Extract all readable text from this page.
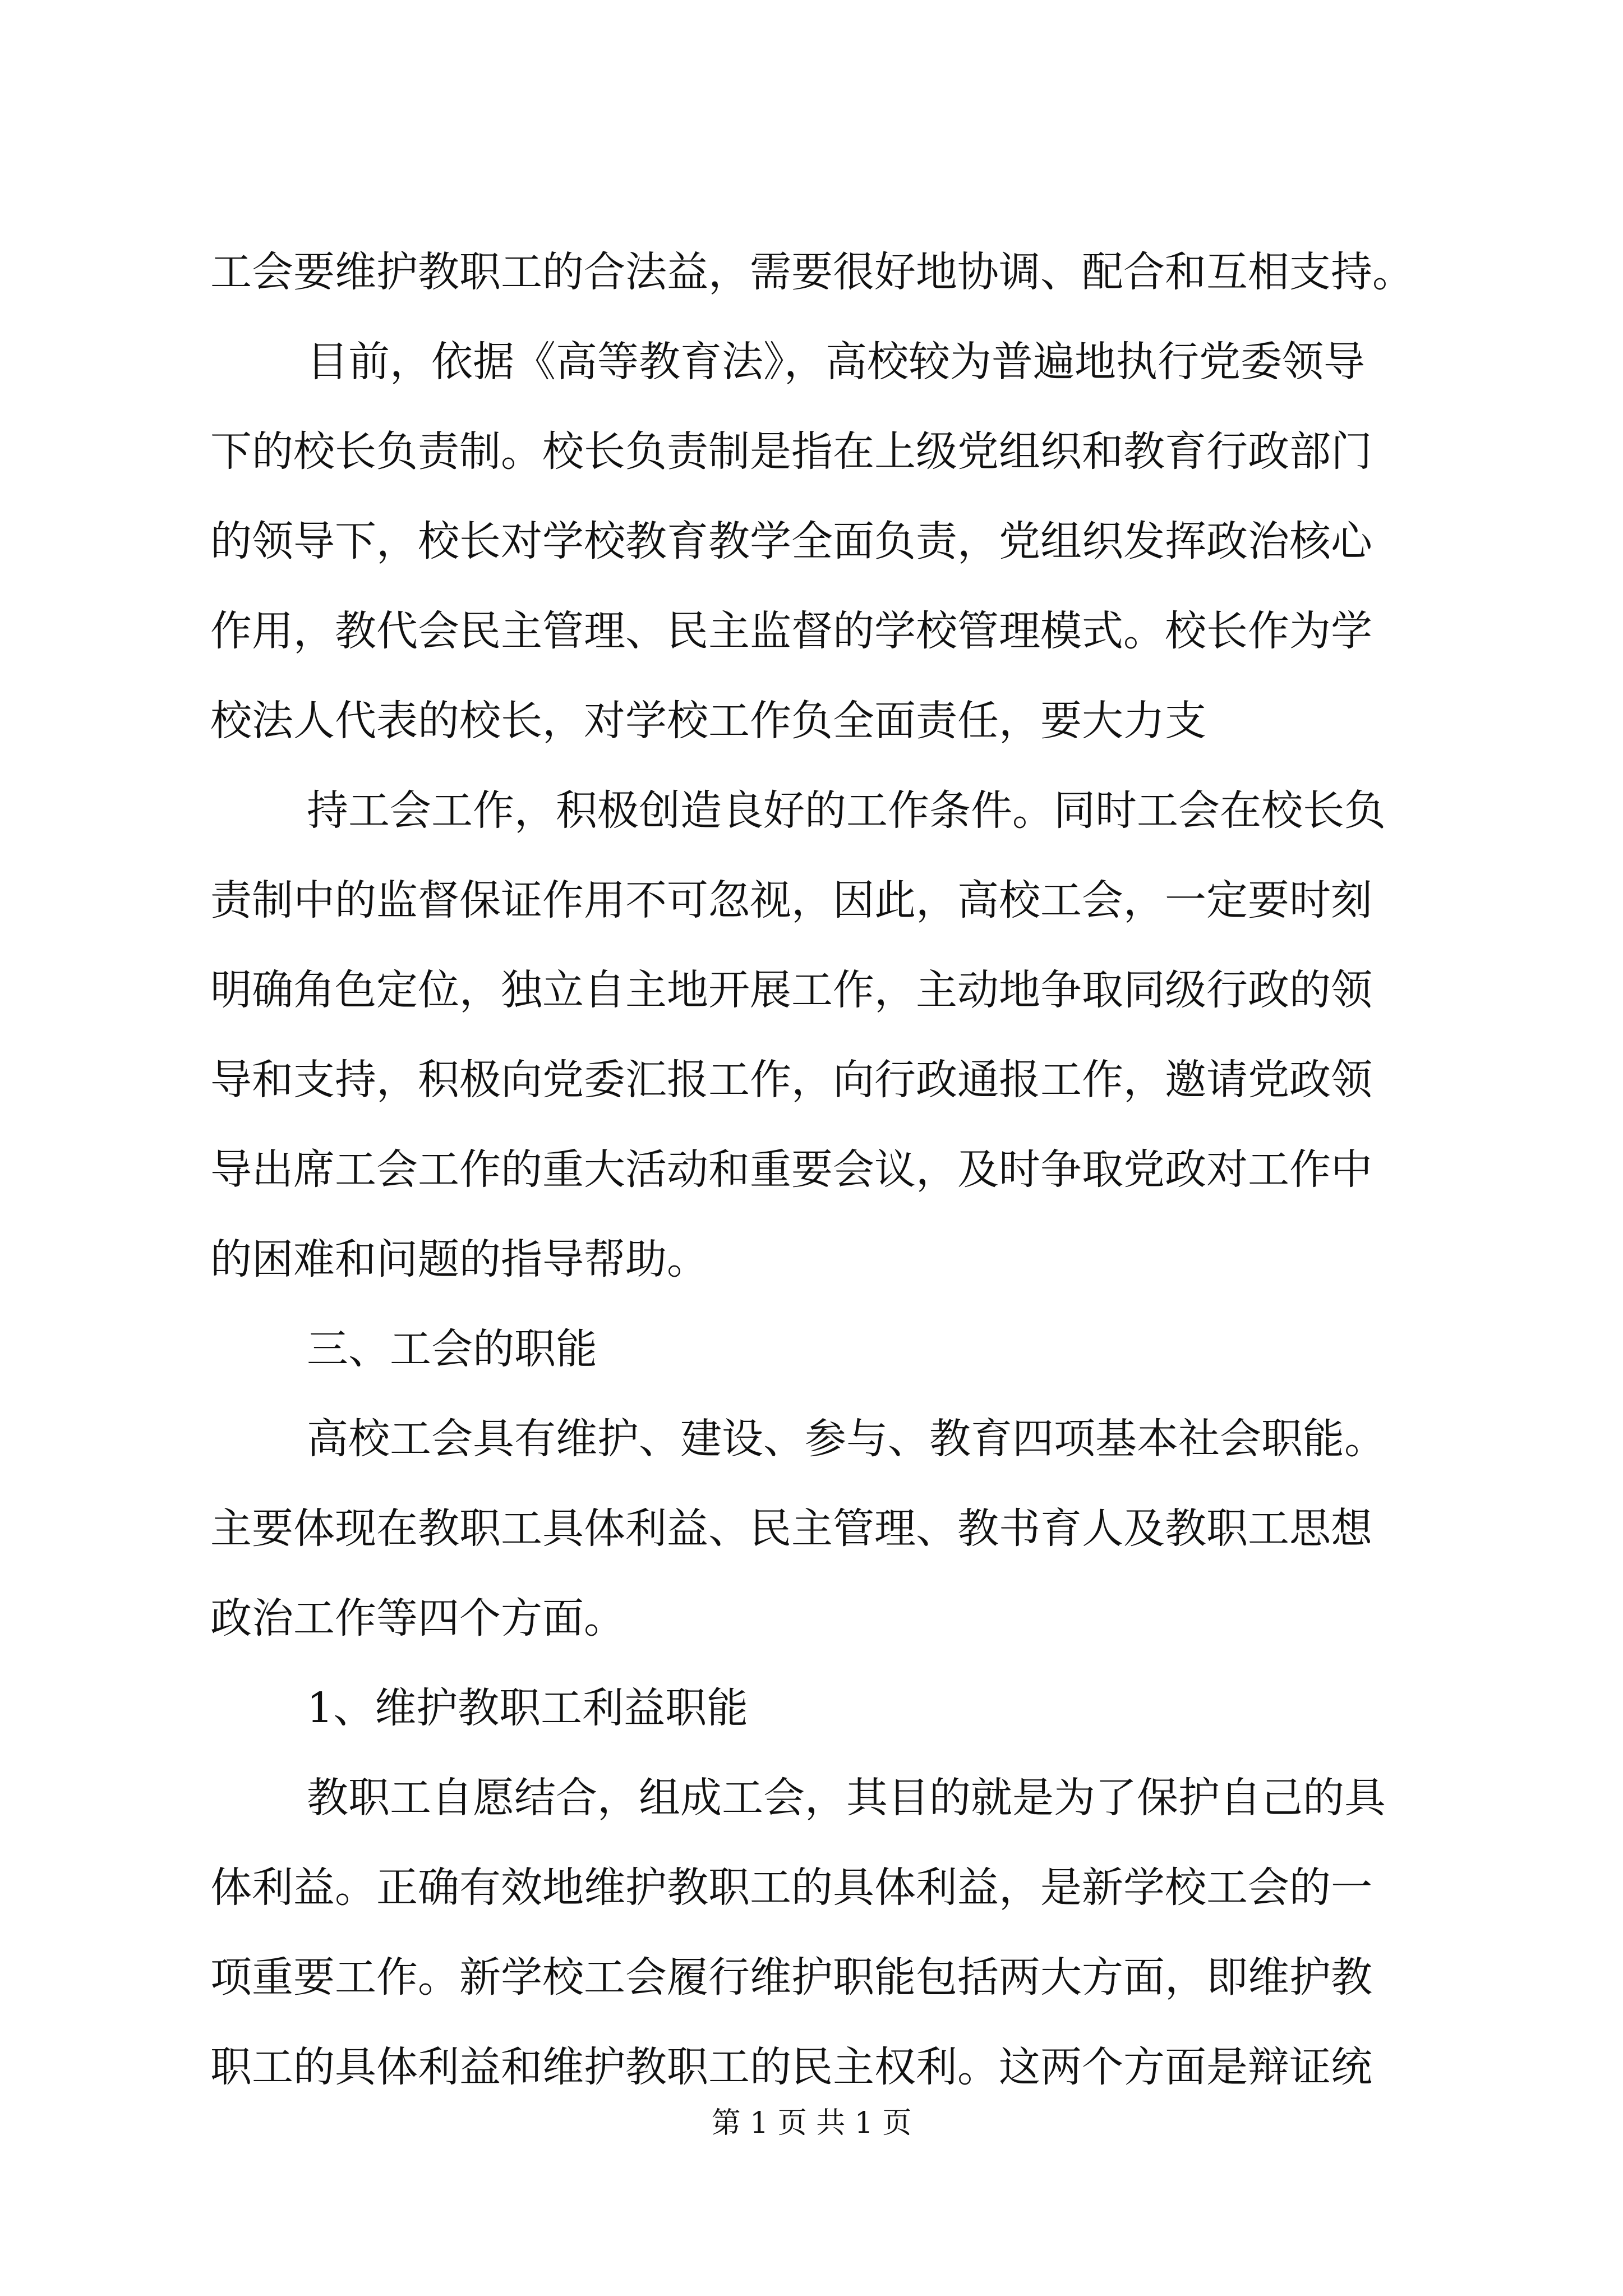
工会要维护教职工的合法益，需要很好地协调、配合和互相支持。
目前，依据《高等教育法》，高校较为普遍地执行党委领导
下的校长负责制。校长负责制是指在上级党组织和教育行政部门
的领导下，校长对学校教育教学全面负责，党组织发挥政治核心
作用，教代会民主管理、民主监督的学校管理模式。校长作为学
校法人代表的校长，对学校工作负全面责任，要大力支
持工会工作，积极创造良好的工作条件。同时工会在校长负
责制中的监督保证作用不可忽视，因此，高校工会，一定要时刻
明确角色定位，独立自主地开展工作，主动地争取同级行政的领
导和支持，积极向党委汇报工作，向行政通报工作，邀请党政领
导出席工会工作的重大活动和重要会议，及时争取党政对工作中
的困难和问题的指导帮助。
三、工会的职能
高校工会具有维护、建设、参与、教育四项基本社会职能。
主要体现在教职工具体利益、民主管理、教书育人及教职工思想
政治工作等四个方面。
1、维护教职工利益职能
教职工自愿结合，组成工会，其目的就是为了保护自己的具
体利益。正确有效地维护教职工的具体利益，是新学校工会的一
项重要工作。新学校工会履行维护职能包括两大方面，即维护教
职工的具体利益和维护教职工的民主权利。这两个方面是辩证统
第 1 页 共 1 页
